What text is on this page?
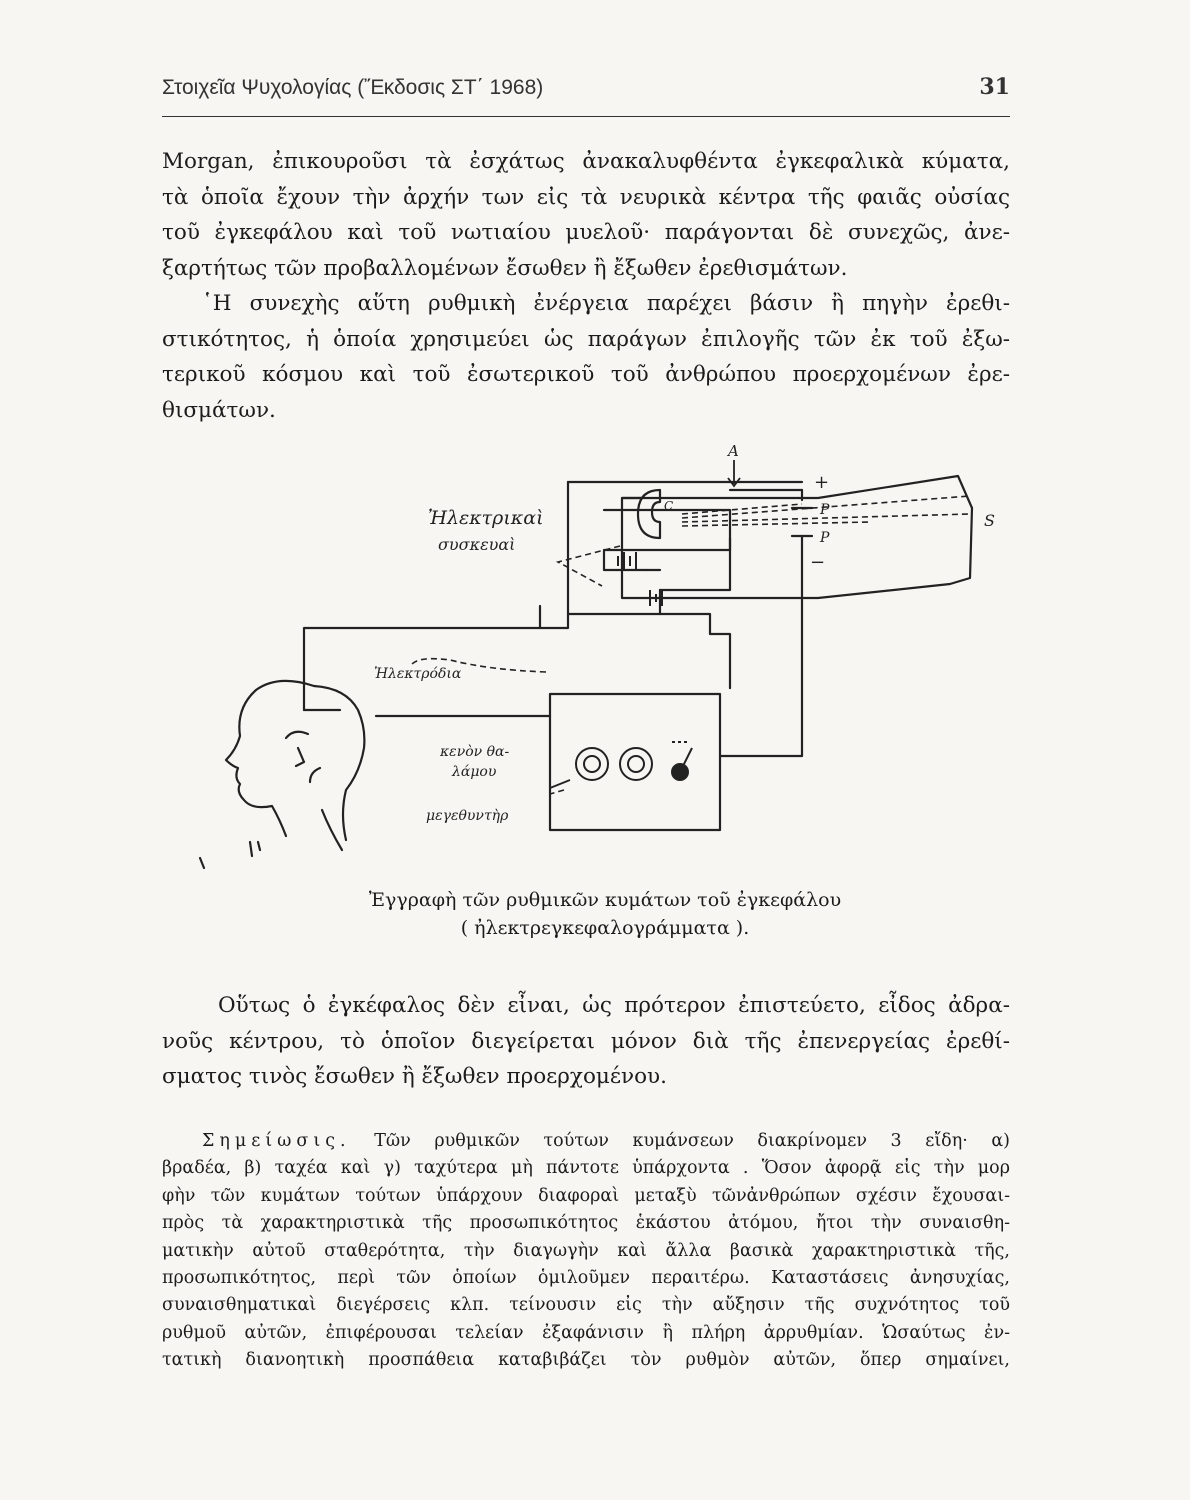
Στοιχεῖα Ψυχολογίας (Ἔκδοσις ΣΤ΄ 1968)	31

Morgan, ἐπικουροῦσι τὰ ἐσχάτως ἀνακαλυφθέντα ἐγκεφαλικὰ κύματα,
τὰ ὁποῖα ἔχουν τὴν ἀρχήν των εἰς τὰ νευρικὰ κέντρα τῆς φαιᾶς οὐσίας
τοῦ ἐγκεφάλου καὶ τοῦ νωτιαίου μυελοῦ· παράγονται δὲ συνεχῶς, ἀνε-
ξαρτήτως τῶν προβαλλομένων ἔσωθεν ἢ ἔξωθεν ἐρεθισμάτων.
῾Η συνεχὴς αὕτη ρυθμικὴ ἐνέργεια παρέχει βάσιν ἢ πηγὴν ἐρεθι-
στικότητος, ἡ ὁποία χρησιμεύει ὡς παράγων ἐπιλογῆς τῶν ἐκ τοῦ ἐξω-
τερικοῦ κόσμου καὶ τοῦ ἐσωτερικοῦ τοῦ ἀνθρώπου προερχομένων ἐρε-
θισμάτων.

A
+
−
C	P
P
S
Ἠλεκτρικαὶ
συσκευαὶ
Ἠλεκτρόδια
κενὸν θα-
λάμου
μεγεθυντὴρ
Ἐγγραφὴ τῶν ρυθμικῶν κυμάτων τοῦ ἐγκεφάλου
( ἠλεκτρεγκεφαλογράμματα ).

Οὕτως ὁ ἐγκέφαλος δὲν εἶναι, ὡς πρότερον ἐπιστεύετο, εἶδος ἀδρα-
νοῦς κέντρου, τὸ ὁποῖον διεγείρεται μόνον διὰ τῆς ἐπενεργείας ἐρεθί-
σματος τινὸς ἔσωθεν ἢ ἔξωθεν προερχομένου.

Σημείωσις. Τῶν ρυθμικῶν τούτων κυμάνσεων διακρίνομεν 3 εἴδη· α)
βραδέα, β) ταχέα καὶ γ) ταχύτερα μὴ πάντοτε ὑπάρχοντα . Ὅσον ἀφορᾷ εἰς τὴν μορ
φὴν τῶν κυμάτων τούτων ὑπάρχουν διαφοραὶ μεταξὺ τῶνἀνθρώπων σχέσιν ἔχουσαι-
πρὸς τὰ χαρακτηριστικὰ τῆς προσωπικότητος ἑκάστου ἀτόμου, ἤτοι τὴν συναισθη-
ματικὴν αὐτοῦ σταθερότητα, τὴν διαγωγὴν καὶ ἄλλα βασικὰ χαρακτηριστικὰ τῆς,
προσωπικότητος, περὶ τῶν ὁποίων ὁμιλοῦμεν περαιτέρω. Καταστάσεις ἀνησυχίας,
συναισθηματικαὶ διεγέρσεις κλπ. τείνουσιν εἰς τὴν αὔξησιν τῆς συχνότητος τοῦ
ρυθμοῦ αὐτῶν, ἐπιφέρουσαι τελείαν ἐξαφάνισιν ἢ πλήρη ἀρρυθμίαν. Ὡσαύτως ἐν-
τατικὴ διανοητικὴ προσπάθεια καταβιβάζει τὸν ρυθμὸν αὐτῶν, ὅπερ σημαίνει,
